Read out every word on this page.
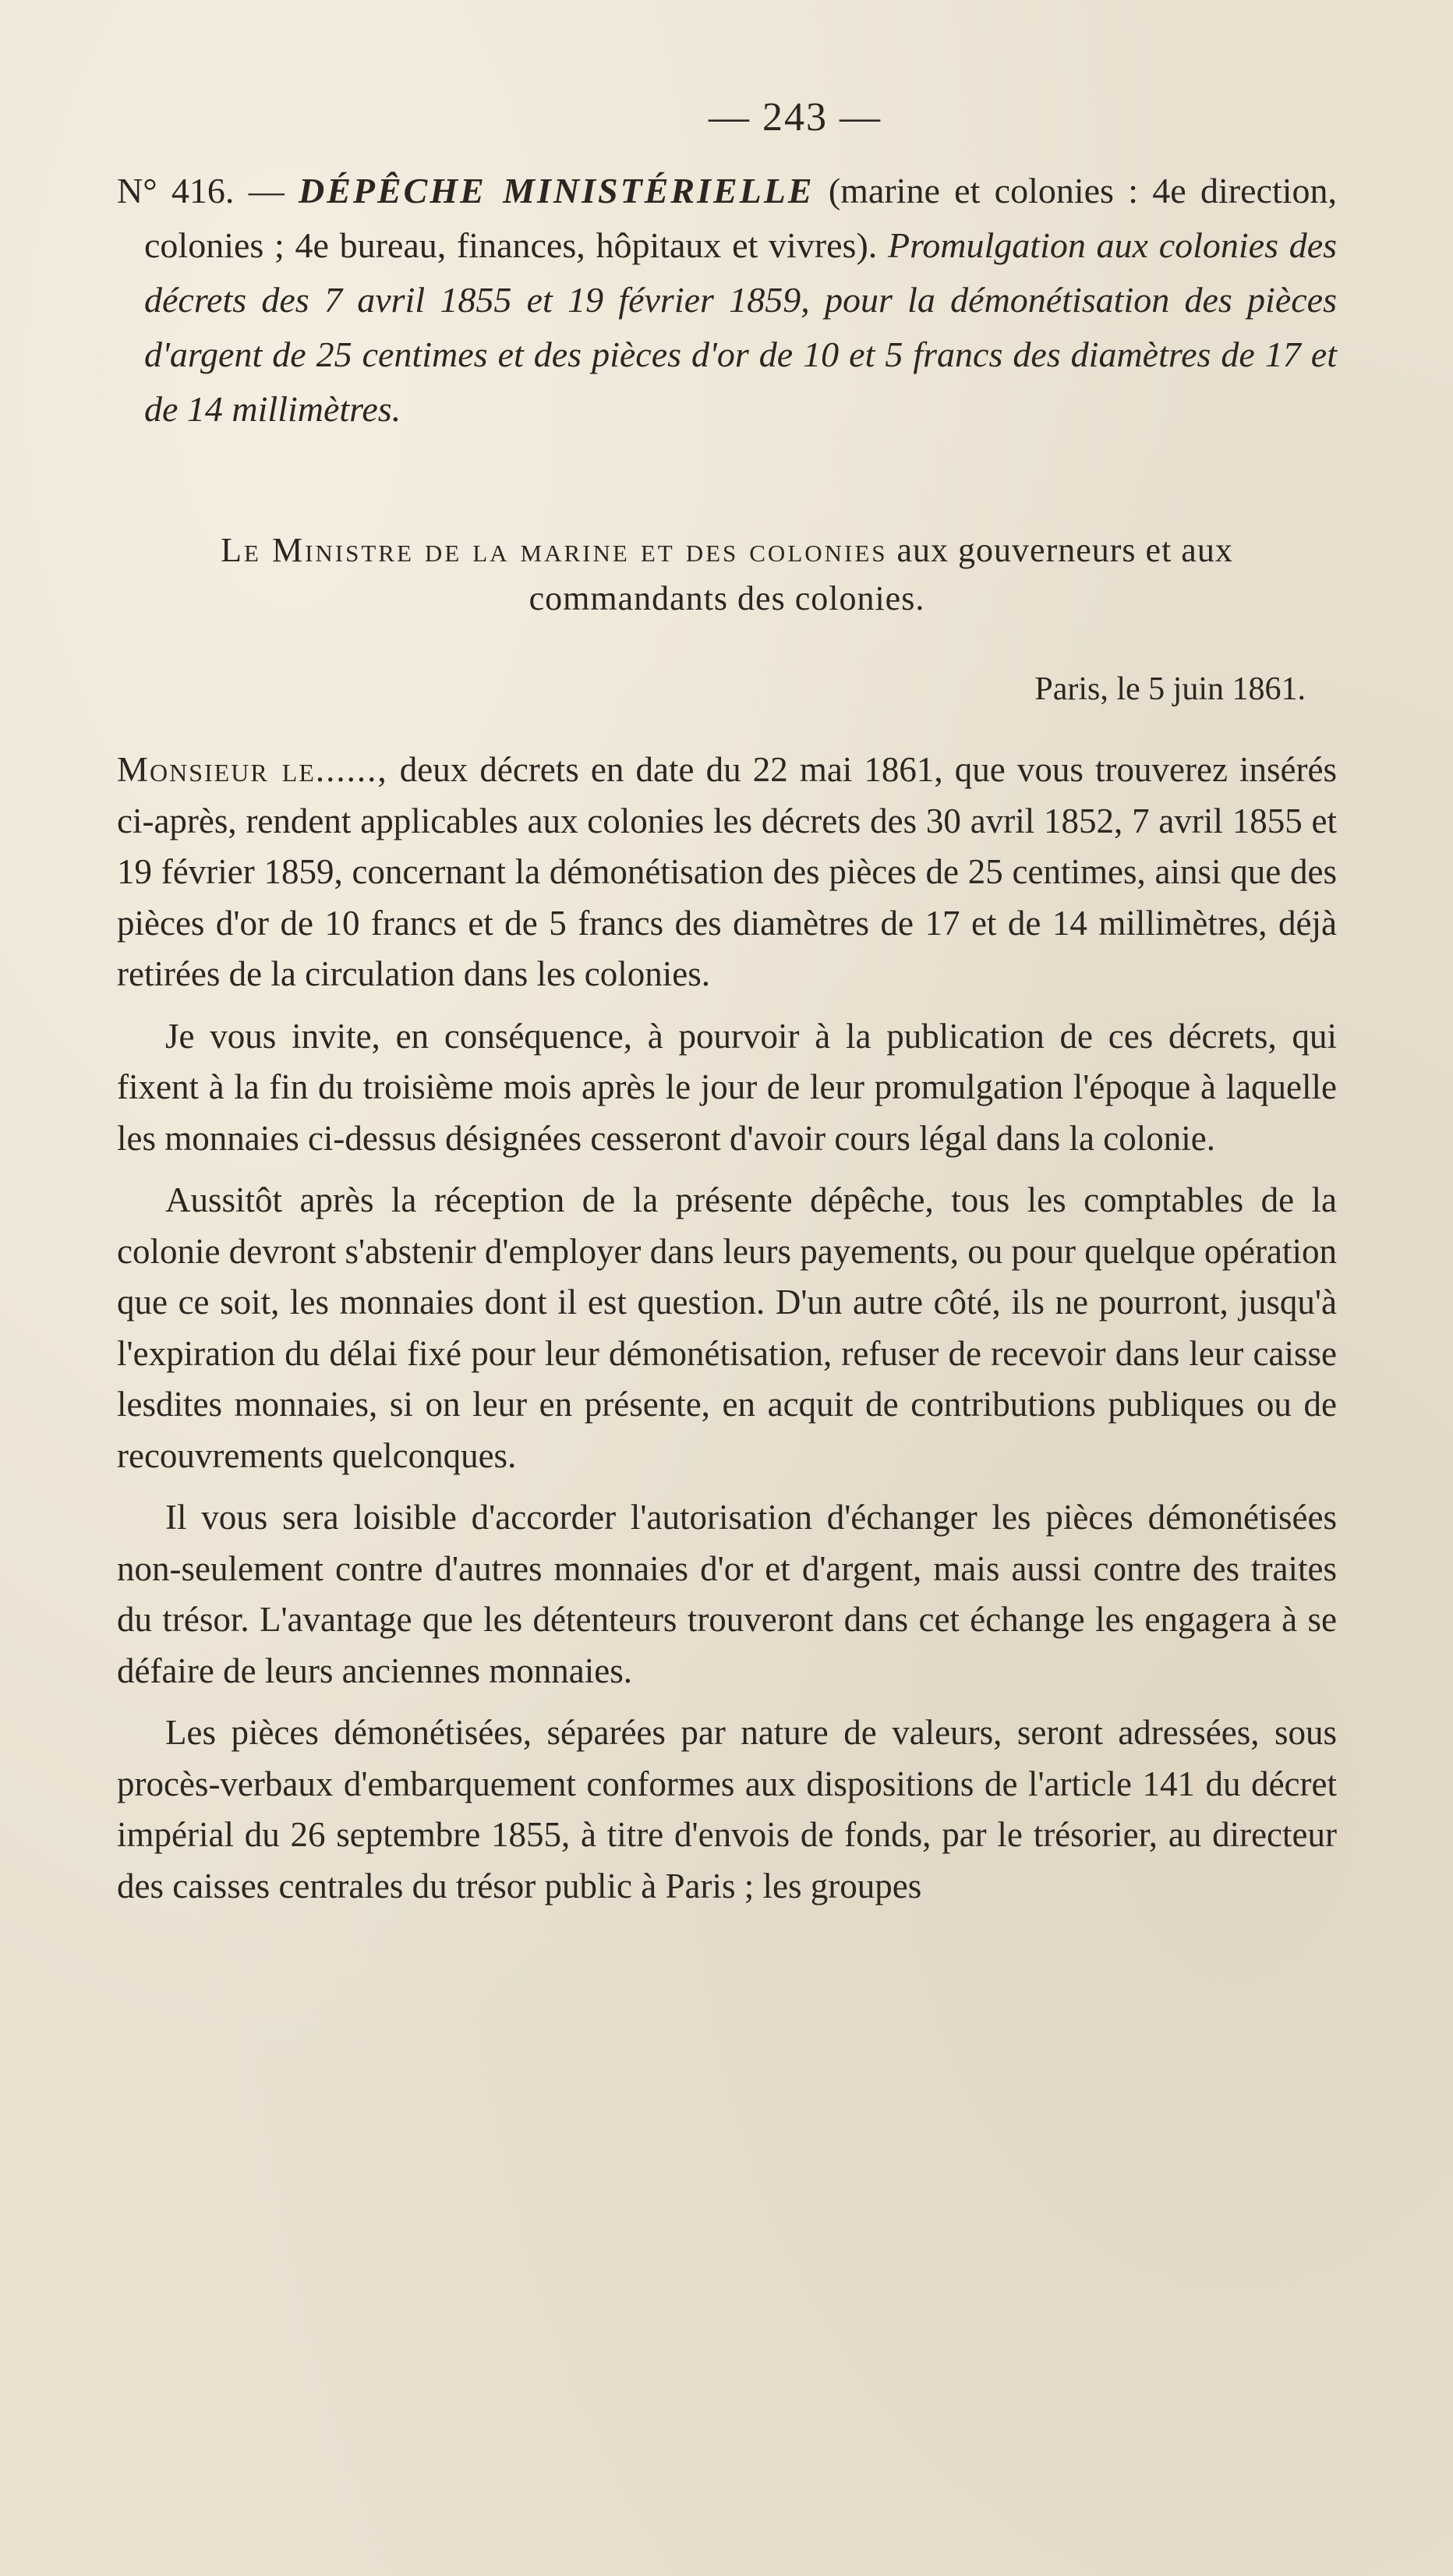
— 243 —

N° 416. — DÉPÊCHE MINISTÉRIELLE (marine et colonies : 4e direction, colonies ; 4e bureau, finances, hôpitaux et vivres). Promulgation aux colonies des décrets des 7 avril 1855 et 19 février 1859, pour la démonétisation des pièces d'argent de 25 centimes et des pièces d'or de 10 et 5 francs des diamètres de 17 et de 14 millimètres.

Le Ministre de la marine et des colonies aux gouverneurs et aux commandants des colonies.
Paris, le 5 juin 1861.

Monsieur le......, deux décrets en date du 22 mai 1861, que vous trouverez insérés ci-après, rendent applicables aux colonies les décrets des 30 avril 1852, 7 avril 1855 et 19 février 1859, concernant la démonétisation des pièces de 25 centimes, ainsi que des pièces d'or de 10 francs et de 5 francs des diamètres de 17 et de 14 millimètres, déjà retirées de la circulation dans les colonies.

Je vous invite, en conséquence, à pourvoir à la publication de ces décrets, qui fixent à la fin du troisième mois après le jour de leur promulgation l'époque à laquelle les monnaies ci-dessus désignées cesseront d'avoir cours légal dans la colonie.

Aussitôt après la réception de la présente dépêche, tous les comptables de la colonie devront s'abstenir d'employer dans leurs payements, ou pour quelque opération que ce soit, les monnaies dont il est question. D'un autre côté, ils ne pourront, jusqu'à l'expiration du délai fixé pour leur démonétisation, refuser de recevoir dans leur caisse lesdites monnaies, si on leur en présente, en acquit de contributions publiques ou de recouvrements quelconques.

Il vous sera loisible d'accorder l'autorisation d'échanger les pièces démonétisées non-seulement contre d'autres monnaies d'or et d'argent, mais aussi contre des traites du trésor. L'avantage que les détenteurs trouveront dans cet échange les engagera à se défaire de leurs anciennes monnaies.

Les pièces démonétisées, séparées par nature de valeurs, seront adressées, sous procès-verbaux d'embarquement conformes aux dispositions de l'article 141 du décret impérial du 26 septembre 1855, à titre d'envois de fonds, par le trésorier, au directeur des caisses centrales du trésor public à Paris ; les groupes
